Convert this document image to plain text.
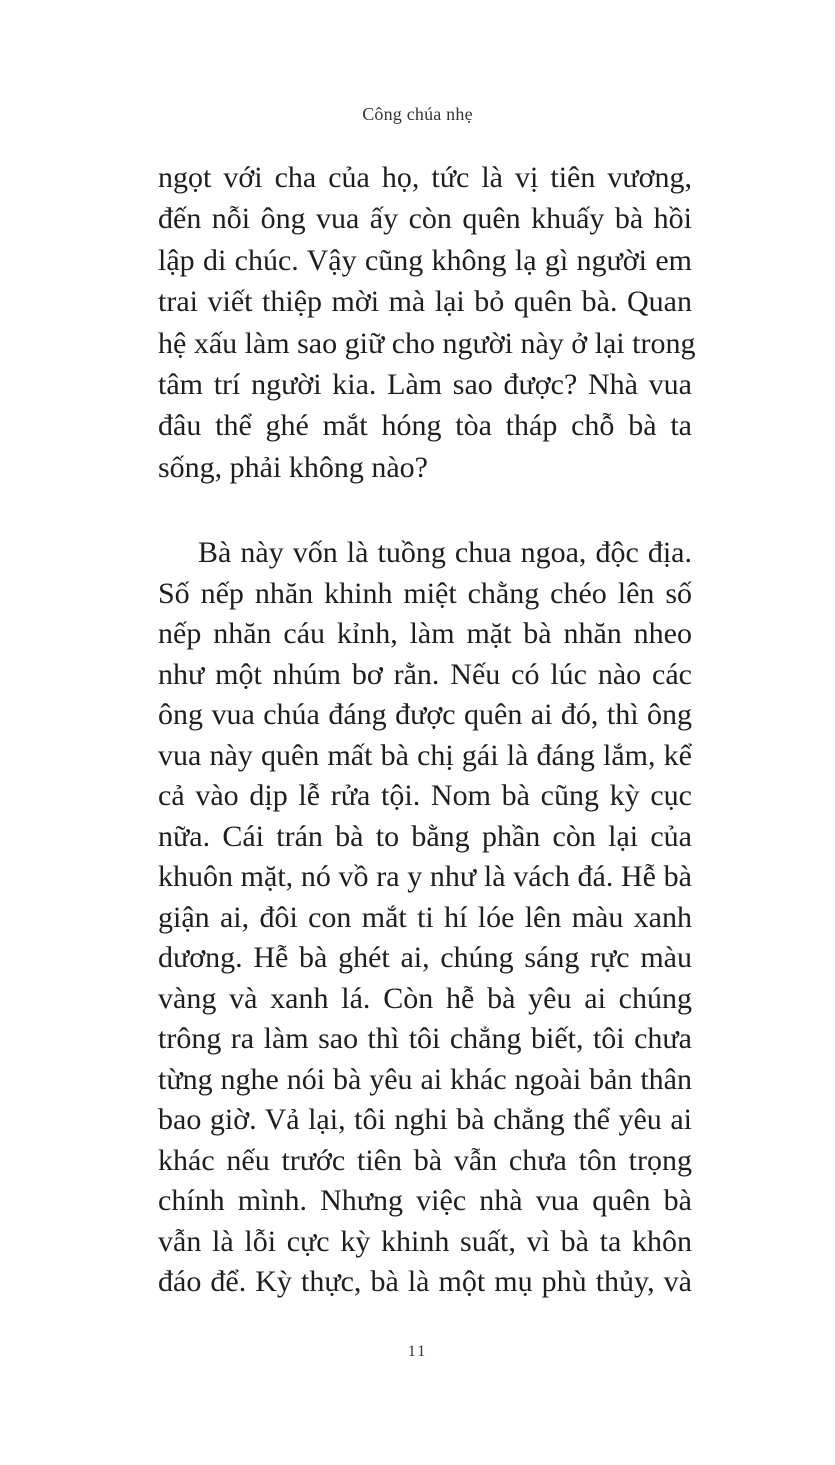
Công chúa nhẹ
ngọt với cha của họ, tức là vị tiên vương,
đến nỗi ông vua ấy còn quên khuấy bà hồi
lập di chúc. Vậy cũng không lạ gì người em
trai viết thiệp mời mà lại bỏ quên bà. Quan
hệ xấu làm sao giữ cho người này ở lại trong
tâm trí người kia. Làm sao được? Nhà vua
đâu thể ghé mắt hóng tòa tháp chỗ bà ta
sống, phải không nào?
Bà này vốn là tuồng chua ngoa, độc địa.
Số nếp nhăn khinh miệt chằng chéo lên số
nếp nhăn cáu kỉnh, làm mặt bà nhăn nheo
như một nhúm bơ rằn. Nếu có lúc nào các
ông vua chúa đáng được quên ai đó, thì ông
vua này quên mất bà chị gái là đáng lắm, kể
cả vào dịp lễ rửa tội. Nom bà cũng kỳ cục
nữa. Cái trán bà to bằng phần còn lại của
khuôn mặt, nó vồ ra y như là vách đá. Hễ bà
giận ai, đôi con mắt ti hí lóe lên màu xanh
dương. Hễ bà ghét ai, chúng sáng rực màu
vàng và xanh lá. Còn hễ bà yêu ai chúng
trông ra làm sao thì tôi chẳng biết, tôi chưa
từng nghe nói bà yêu ai khác ngoài bản thân
bao giờ. Vả lại, tôi nghi bà chẳng thể yêu ai
khác nếu trước tiên bà vẫn chưa tôn trọng
chính mình. Nhưng việc nhà vua quên bà
vẫn là lỗi cực kỳ khinh suất, vì bà ta khôn
đáo để. Kỳ thực, bà là một mụ phù thủy, và
11
